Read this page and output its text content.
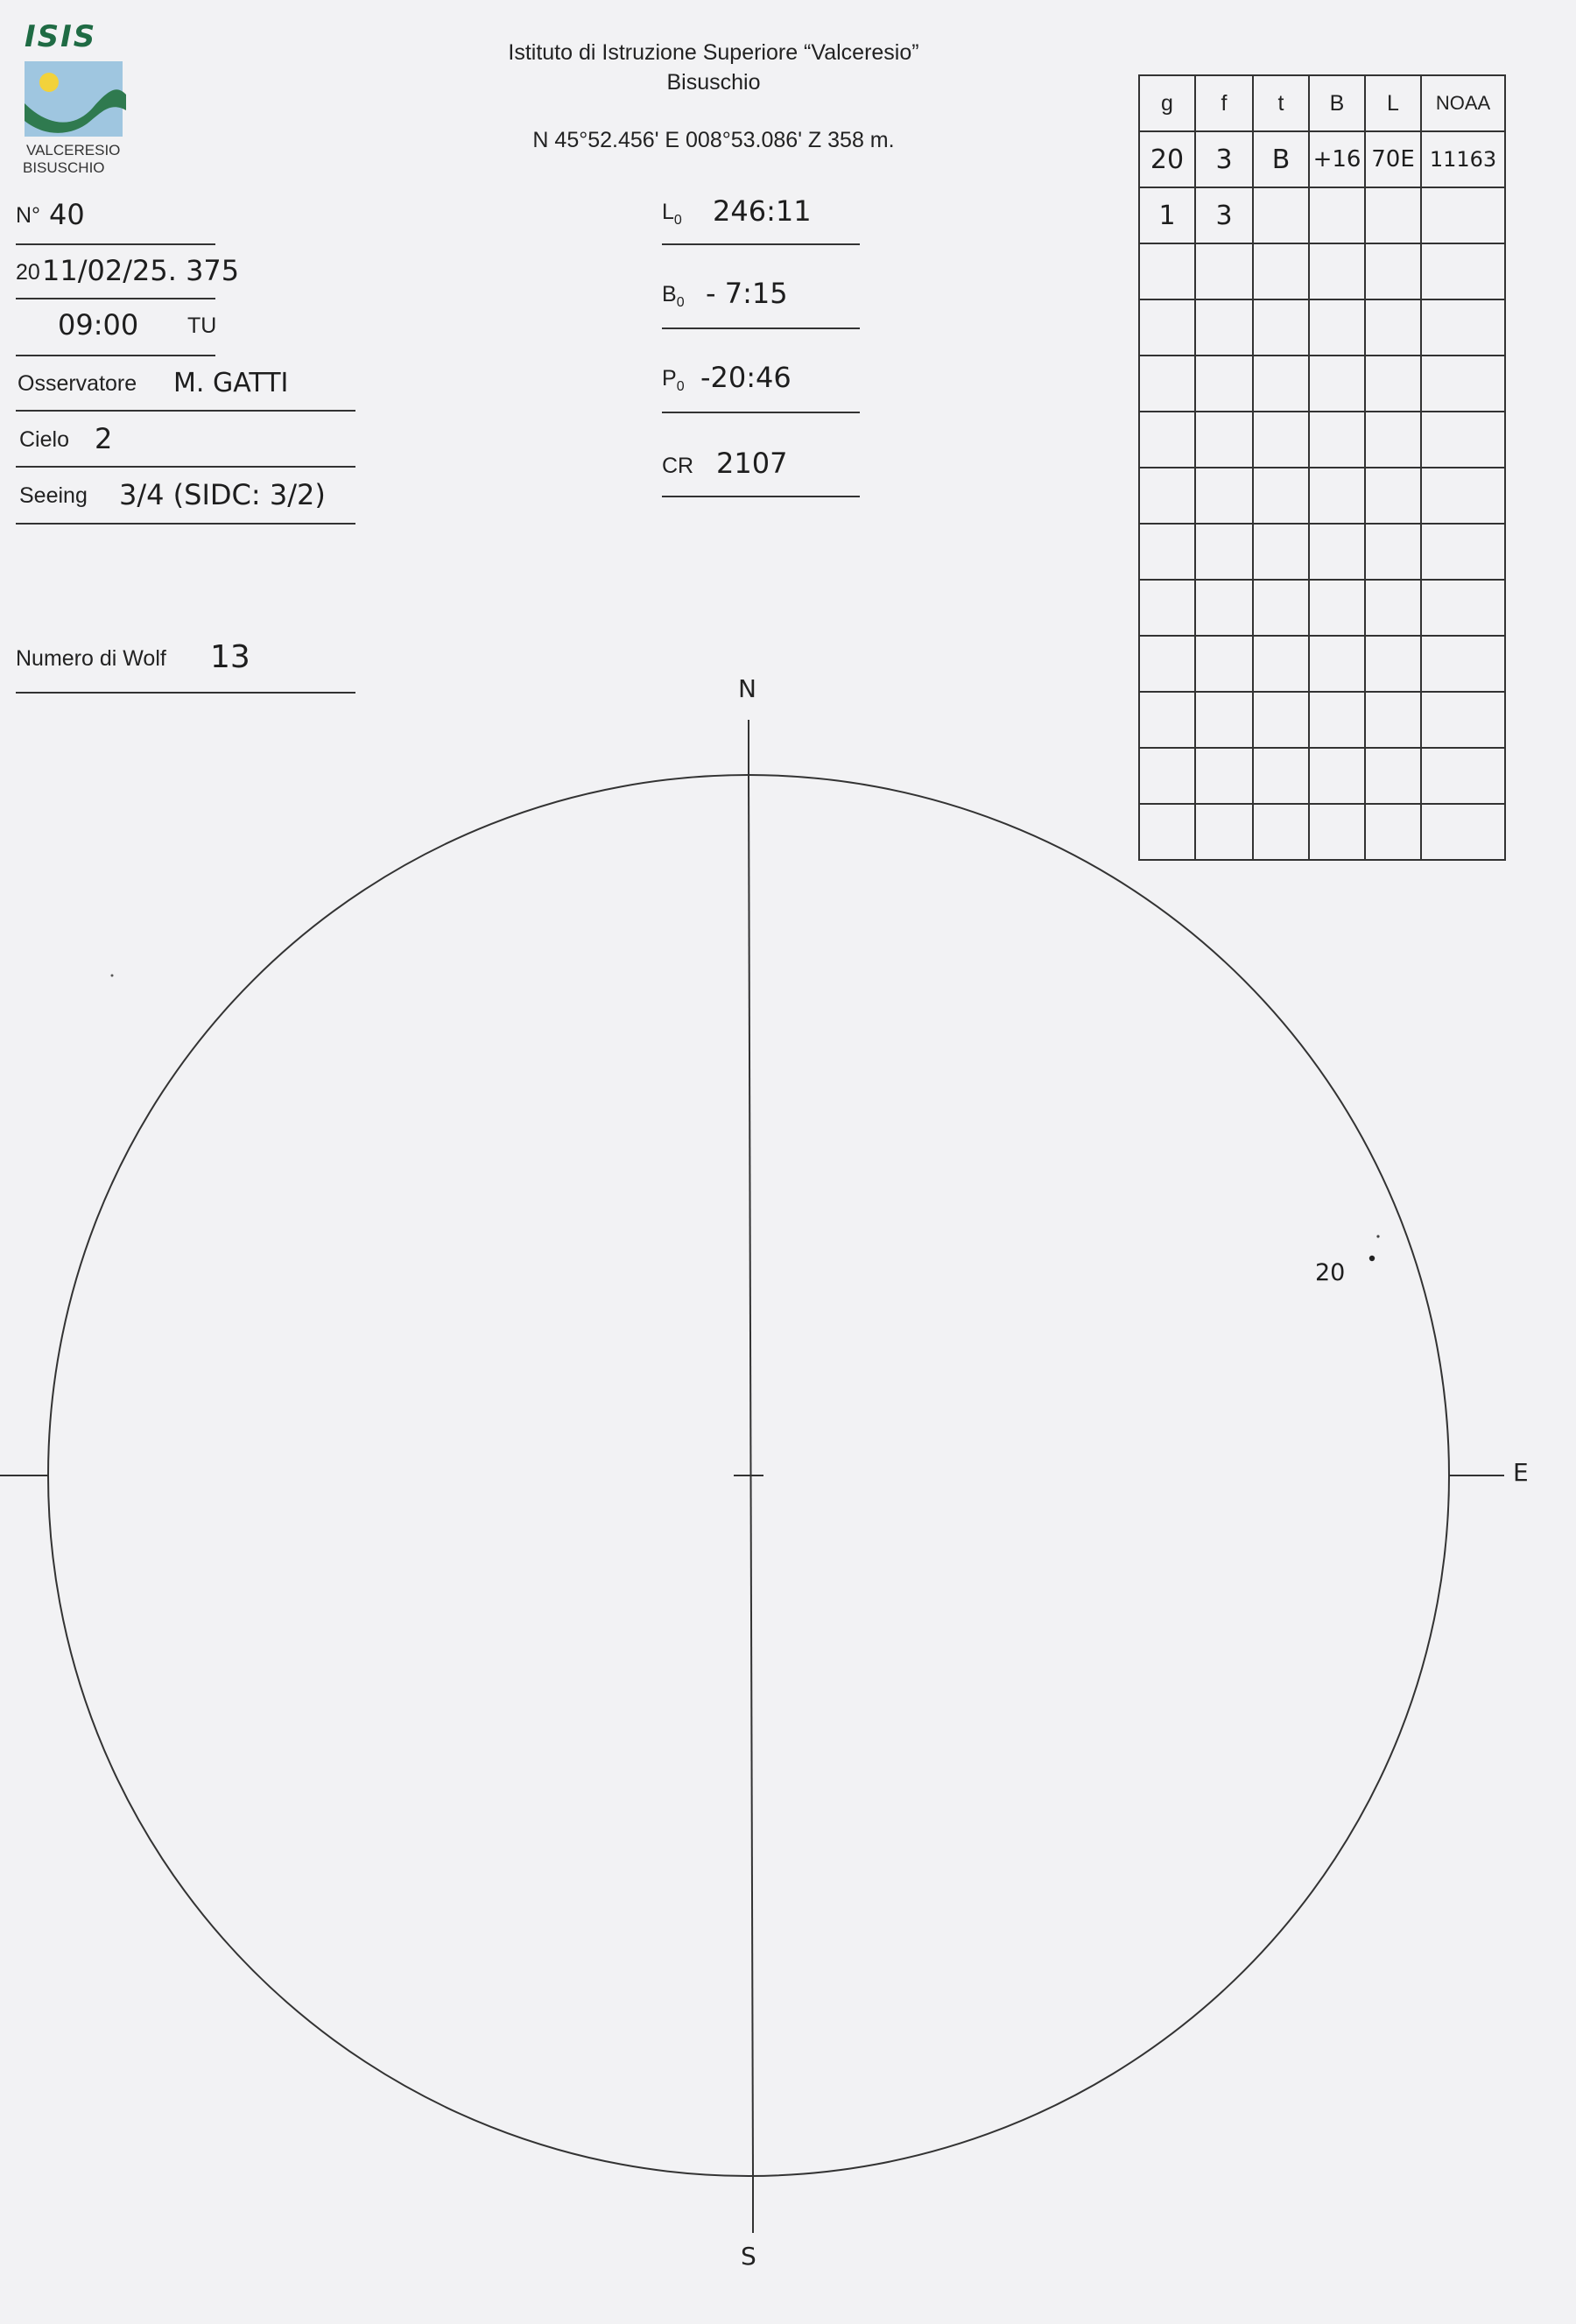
ISIS
VALCERESIO
BISUSCHIO
Istituto di Istruzione Superiore “Valceresio”
Bisuschio
N 45°52.456' E 008°53.086' Z 358 m.
N° 40
20 11/02/25. 375
09:00 TU
Osservatore M. GATTI
Cielo 2
Seeing 3/4 (SIDC: 3/2)
Numero di Wolf 13
$L_0$ 246:11
$B_0$ - 7:15
$P_0$ -20:46
CR 2107
g	f	t	B	L	NOAA
20	3	B	+16	70E	11163
1	3				

N
S
E
20
